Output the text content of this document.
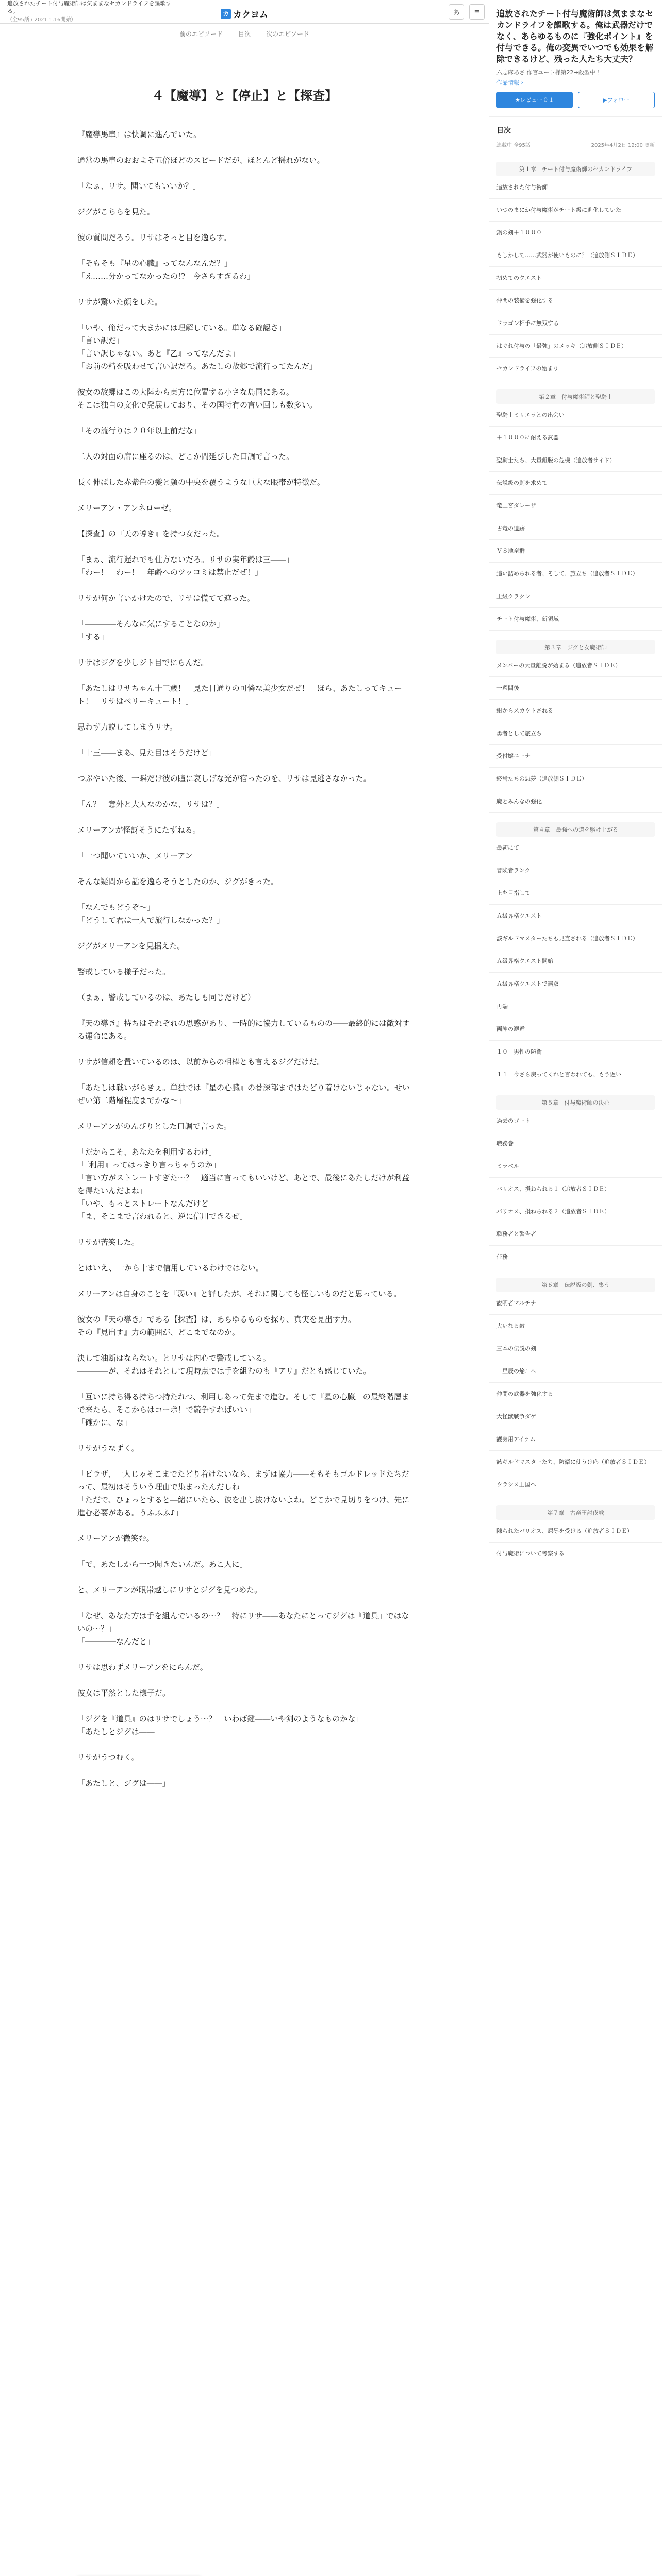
追放されたチート付与魔術師は気ままなセカンドライフを謳歌する。
（全95話 / 2021.1.16開始）
カ カクヨム	あ	≡
前のエピソード	目次	次のエピソード
４【魔導】と【停止】と【探査】

『魔導馬車』は快調に進んでいた。

通常の馬車のおおよそ五倍ほどのスピードだが、ほとんど揺れがない。

「なぁ、リサ。聞いてもいいか？」

ジグがこちらを見た。

彼の質問だろう。リサはそっと目を逸らす。

「そもそも『星の心臓』ってなんなんだ？」

「え……分かってなかったの!?　今さらすぎるわ」

リサが驚いた顔をした。

「いや、俺だって大まかには理解している。単なる確認さ」

「言い訳だ」

「言い訳じゃない。あと『乙』ってなんだよ」

「お前の精を吸わせて言い訳だろ。あたしの故郷で流行ってたんだ」

彼女の故郷はこの大陸から東方に位置する小さな島国にある。

そこは独自の文化で発展しており、その国特有の言い回しも数多い。

「その流行りは２０年以上前だな」

二人の対面の席に座るのは、どこか間延びした口調で言った。

長く伸ばした赤紫色の髪と顔の中央を覆うような巨大な眼帯が特徴だ。

メリーアン・アンネローゼ。

【探査】の『天の導き』を持つ女だった。

「まぁ、流行遅れでも仕方ないだろ。リサの実年齢は三――」

「わー！　わー！　年齢へのツッコミは禁止だぜ！」

リサが何か言いかけたので、リサは慌てて遮った。

「――――そんなに気にすることなのか」

「する」

リサはジグを少しジト目でにらんだ。

「あたしはリサちゃん十三歳！　見た目通りの可憐な美少女だぜ！　ほら、あたしってキュート！　リサはベリーキュート！」

思わず力説してしまうリサ。

「十三――まあ、見た目はそうだけど」

つぶやいた後、一瞬だけ彼の瞳に哀しげな光が宿ったのを、リサは見逃さなかった。

「ん？　意外と大人なのかな、リサは？」

メリーアンが怪訝そうにたずねる。

「一つ聞いていいか、メリーアン」

そんな疑問から話を逸らそうとしたのか、ジグがきった。

「なんでもどうぞ～」

「どうして君は一人で旅行しなかった？」

ジグがメリーアンを見据えた。

警戒している様子だった。

（まぁ、警戒しているのは、あたしも同じだけど）

『天の導き』持ちはそれぞれの思惑があり、一時的に協力しているものの――最終的には敵対する運命にある。

リサが信頼を置いているのは、以前からの相棒とも言えるジグだけだ。

「あたしは戦いがらきぇ。単独では『星の心臓』の番深部まではたどり着けないじゃない。せいぜい第二階層程度までかな～」

メリーアンがのんびりとした口調で言った。

「だからこそ、あなたを利用するわけ」

「『利用』ってはっきり言っちゃうのか」

「言い方がストレートすぎた～？　適当に言ってもいいけど、あとで、最後にあたしだけが利益を得たいんだよね」

「いや、もっとストレートなんだけど」

「ま、そこまで言われると、逆に信用できるぜ」

リサが苦笑した。

とはいえ、一から十まで信用しているわけではない。

メリーアンは自身のことを『弱い』と評したが、それに関しても怪しいものだと思っている。

彼女の『天の導き』である【探査】は、あらゆるものを探り、真実を見出す力。

その『見出す』力の範囲が、どこまでなのか。

決して油断はならない。とリサは内心で警戒している。

――――が、それはそれとして現時点では手を組むのも『アリ』だとも感じていた。

「互いに持ち得る持ちつ持たれつ、利用しあって先まで進む。そして『星の心臓』の最終階層まで来たら、そこからはコーポ！で競争すればいい」

「確かに、な」

リサがうなずく。

「ピラザ、一人じゃそこまでたどり着けないなら、まずは協力――そもそもゴルドレッドたちだって、最初はそういう理由で集まったんだしね」

「ただで、ひょっとすると―緒にいたら、彼を出し抜けないよね。どこかで見切りをつけ、先に進む必要がある。うふふふ♪」

メリーアンが微笑む。

「で、あたしから一つ聞きたいんだ。あこ人に」

と、メリーアンが眼帯越しにリサとジグを見つめた。

「なぜ、あなた方は手を組んでいるの～？　特にリサ――あなたにとってジグは『道具』ではないの～？」

「――――なんだと」

リサは思わずメリーアンをにらんだ。

彼女は平然とした様子だ。

「ジグを『道具』のはリサでしょう～？　いわば鍵――いや剣のようなものかな」

「あたしとジグは――」

リサがうつむく。

「あたしと、ジグは――」

追放されたチート付与魔術師は気ままなセカンドライフを謳歌する。俺は武器だけでなく、あらゆるものに『強化ポイント』を付与できる。俺の変異でいつでも効果を解除できるけど、残った人たち大丈夫？
六志麻あさ 作官ユート様第22→殺型中 ！
作品情報 ›
★レビュー０１	▶フォロー
目次
連載中 全95話	2025年4月2日 12:00 更新
第１章　チート付与魔術師のセカンドライフ
追放された付与術師
いつのまにか付与魔術がチート級に進化していた
鍋の剣＋１０００
もしかして……武器が使いものに？（追放側ＳＩＤＥ）
初めてのクエスト
仲間の装備を強化する
ドラゴン相手に無双する
はぐれ付与の「最強」のメッキ（追放側ＳＩＤＥ）
セカンドライフの始まり
第２章　付与魔術師と聖騎士
聖騎士ミリエラとの出会い
＋１０００に耐える武器
聖騎士たち、大量離脱の危機（追放者サイド）
伝説級の剣を求めて
竜王宮ダレーザ
古竜の遺跡
ＶＳ地竜群
追い詰められる者、そして、旅立ち（追放者ＳＩＤＥ）
上級クラクン
チート付与魔術、新領域
第３章　ジグと女魔術師
メンバーの大量離脱が始まる（追放者ＳＩＤＥ）
一週間後
紺からスカウトされる
勇者として旅立ち
受付嬢ニーナ
終焉たちの悪夢（追放側ＳＩＤＥ）
魔とみんなの強化
第４章　最強への道を駆け上がる
最初にて
冒険者ランク
上を目指して
Ａ級昇格クエスト
該ギルドマスターたちも見直される（追放者ＳＩＤＥ）
Ａ級昇格クエスト開始
Ａ級昇格クエストで無双
再端
両陣の邂逅
１０　男性の防衛
１１　今さら戻ってくれと言われても、もう遅い
第５章　付与魔術師の決心
過去のゴート
職務巻
ミラベル
バリオス、損ねられる１（追放者ＳＩＤＥ）
バリオス、損ねられる２（追放者ＳＩＤＥ）
職務者と警告者
任務
第６章　伝説級の剣、集う
説明者マルチナ
大いなる敵
三本の伝説の剣
『星辰の焔』へ
仲間の武器を強化する
大怪獣戦争ダゲ
護身用アイテム
該ギルドマスターたち、防衛に使うけ応（追放者ＳＩＤＥ）
ウラシス王国へ
第７章　古竜王討伐戦
陳られたバリオス、屈辱を受ける（追放者ＳＩＤＥ）
付与魔術について考察する
